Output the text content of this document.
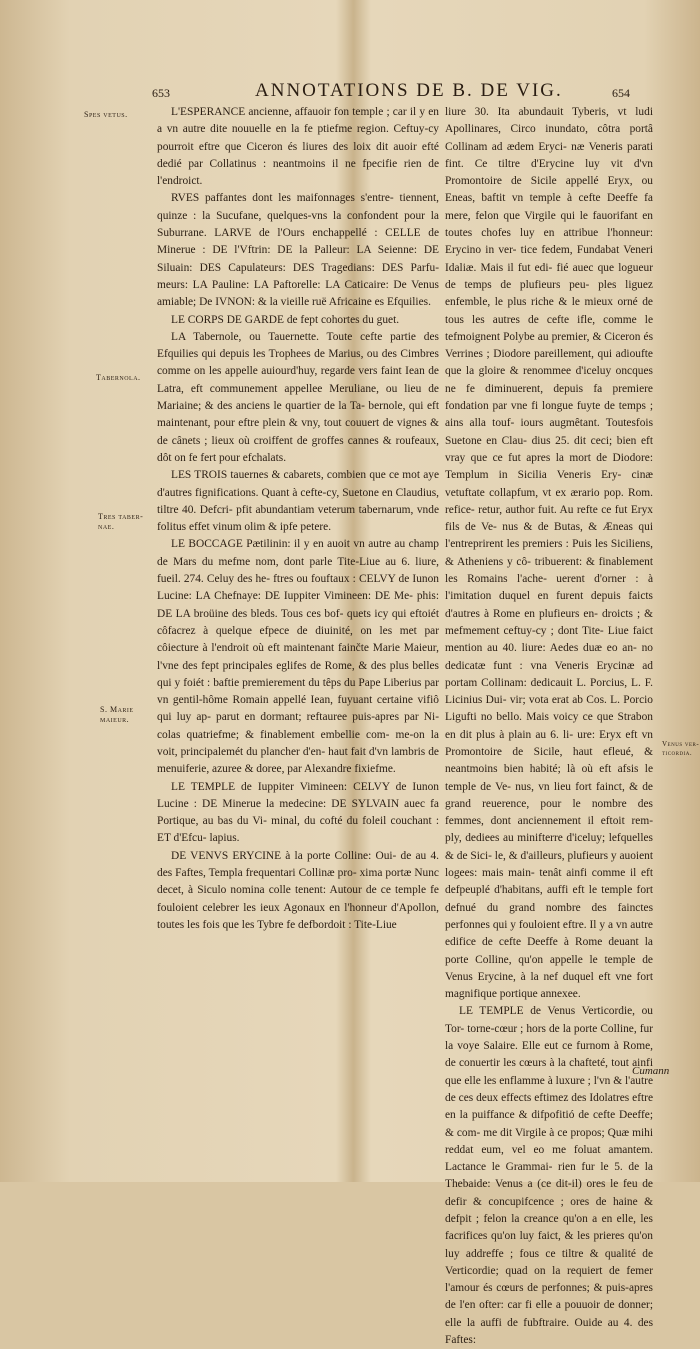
653	ANNOTATIONS DE B. DE VIG.	654
Spes vetus.
Tabernola.
Tres taber- nae.
S. Marie maieur.
Venus ver- ticordia.

L'ESPERANCE ancienne, affauoir fon temple ; car il y en a vn autre dite nouuelle en la fe ptiefme region. Ceftuy-cy pourroit eftre que Ciceron és liures des loix dit auoir efté dedié par Collatinus : neantmoins il ne fpecifie rien de l'endroict.

RVES paffantes dont les maifonnages s'entre- tiennent, quinze : la Sucufane, quelques-vns la confondent pour la Suburrane. LARVE de l'Ours enchappellé : CELLE de Minerue : DE l'Vftrin: DE la Palleur: LA Seienne: DE Siluain: DES Capulateurs: DES Tragedians: DES Parfu- meurs: LA Pauline: LA Paftorelle: LA Caticaire: De Venus amiable; De IVNON: & la vieille ruë Africaine es Efquilies.

LE CORPS DE GARDE de fept cohortes du guet.

LA Tabernole, ou Tauernette. Toute cefte partie des Efquilies qui depuis les Trophees de Marius, ou des Cimbres comme on les appelle auiourd'huy, regarde vers faint Iean de Latra, eft communement appellee Meruliane, ou lieu de Mariaine; & des anciens le quartier de la Ta- bernole, qui eft maintenant, pour eftre plein & vny, tout couuert de vignes & de cânets ; lieux où croiffent de groffes cannes & roufeaux, dôt on fe fert pour efchalats.

LES TROIS tauernes & cabarets, combien que ce mot aye d'autres fignifications. Quant à cefte-cy, Suetone en Claudius, tiltre 40. Defcri- pfit abundantiam veterum tabernarum, vnde folitus effet vinum olim & ipfe petere.

LE BOCCAGE Pætilinin: il y en auoit vn autre au champ de Mars du mefme nom, dont parle Tite-Liue au 6. liure, fueil. 274. Celuy des he- ftres ou fouftaux : CELVY de Iunon Lucine: LA Chefnaye: DE Iuppiter Vimineen: DE Me- phis: DE LA broüine des bleds. Tous ces bof- quets icy qui eftoiét côfacrez à quelque efpece de diuinité, on les met par côiecture à l'endroit où eft maintenant fainčte Marie Maieur, l'vne des fept principales eglifes de Rome, & des plus belles qui y foiét : baftie premierement du têps du Pape Liberius par vn gentil-hôme Romain appellé Iean, fuyuant certaine vifiô qui luy ap- parut en dormant; reftauree puis-apres par Ni- colas quatriefme; & finablement embellie com- me-on la voit, principalemét du plancher d'en- haut fait d'vn lambris de menuiferie, azuree & doree, par Alexandre fixiefme.

LE TEMPLE de Iuppiter Vimineen: CELVY de Iunon Lucine : DE Minerue la medecine: DE SYLVAIN auec fa Portique, au bas du Vi- minal, du cofté du foleil couchant : ET d'Efcu- lapius.

DE VENVS ERYCINE à la porte Colline: Oui- de au 4. des Faftes, Templa frequentari Collinæ pro- xima portæ Nunc decet, à Siculo nomina colle tenent: Autour de ce temple fe fouloient celebrer les ieux Agonaux en l'honneur d'Apollon, toutes les fois que les Tybre fe defbordoit : Tite-Liue

liure 30. Ita abundauit Tyberis, vt ludi Apollinares, Circo inundato, côtra portâ Collinam ad ædem Eryci- næ Veneris parati fint. Ce tiltre d'Erycine luy vit d'vn Promontoire de Sicile appellé Eryx, ou Eneas, baftit vn temple à cefte Deeffe fa mere, felon que Virgile qui le fauorifant en toutes chofes luy en attribue l'honneur: Erycino in ver- tice fedem, Fundabat Veneri Idaliæ. Mais il fut edi- fié auec que logueur de temps de plufieurs peu- ples liguez enfemble, le plus riche & le mieux orné de tous les autres de cefte ifle, comme le tefmoignent Polybe au premier, & Ciceron és Verrines ; Diodore pareillement, qui adioufte que la gloire & renommee d'iceluy oncques ne fe diminuerent, depuis fa premiere fondation par vne fi longue fuyte de temps ; ains alla touf- iours augmêtant. Toutesfois Suetone en Clau- dius 25. dit ceci; bien eft vray que ce fut apres la mort de Diodore: Templum in Sicilia Veneris Ery- cinæ vetuftate collapfum, vt ex ærario pop. Rom. refice- retur, author fuit. Au refte ce fut Eryx fils de Ve- nus & de Butas, & Æneas qui l'entreprirent les premiers : Puis les Siciliens, & Atheniens y cô- tribuerent: & finablement les Romains l'ache- uerent d'orner : à l'imitation duquel en furent depuis faicts d'autres à Rome en plufieurs en- droicts ; & mefmement ceftuy-cy ; dont Tite- Liue faict mention au 40. liure: Aedes duæ eo an- no dedicatæ funt : vna Veneris Erycinæ ad portam Collinam: dedicauit L. Porcius, L. F. Licinius Dui- vir; vota erat ab Cos. L. Porcio Ligufti no bello. Mais voicy ce que Strabon en dit plus à plain au 6. li- ure: Eryx eft vn Promontoire de Sicile, haut efleué, & neantmoins bien habité; là où eft afsis le temple de Ve- nus, vn lieu fort fainct, & de grand reuerence, pour le nombre des femmes, dont anciennement il eftoit rem- ply, dediees au minifterre d'iceluy; lefquelles & de Sici- le, & d'ailleurs, plufieurs y auoient logees: mais main- tenât ainfi comme il eft defpeuplé d'habitans, auffi eft le temple fort defnué du grand nombre des fainctes perfonnes qui y fouloient eftre. Il y a vn autre edifice de cefte Deeffe à Rome deuant la porte Colline, qu'on appelle le temple de Venus Erycine, à la nef duquel eft vne fort magnifique portique annexee.

LE TEMPLE de Venus Verticordie, ou Tor- torne-cœur ; hors de la porte Colline, fur la voye Salaire. Elle eut ce furnom à Rome, de conuertir les cœurs à la chafteté, tout ainfi que elle les enflamme à luxure ; l'vn & l'autre de ces deux effects eftimez des Idolatres eftre en la puiffance & difpofitió de cefte Deeffe; & com- me dit Virgile à ce propos; Quæ mihi reddat eum, vel eo me foluat amantem. Lactance le Grammai- rien fur le 5. de la Thebaide: Venus a (ce dit-il) ores le feu de defir & concupifcence ; ores de haine & defpit ; felon la creance qu'on a en elle, les facrifices qu'on luy faict, & les prieres qu'on luy addreffe ; fous ce tiltre & qualité de Verticordie; quad on la requiert de femer l'amour és cœurs de perfonnes; & puis-apres de l'en ofter: car fi elle a pouuoir de donner; elle la auffi de fubftraire. Ouide au 4. des Faftes:

Cumann
